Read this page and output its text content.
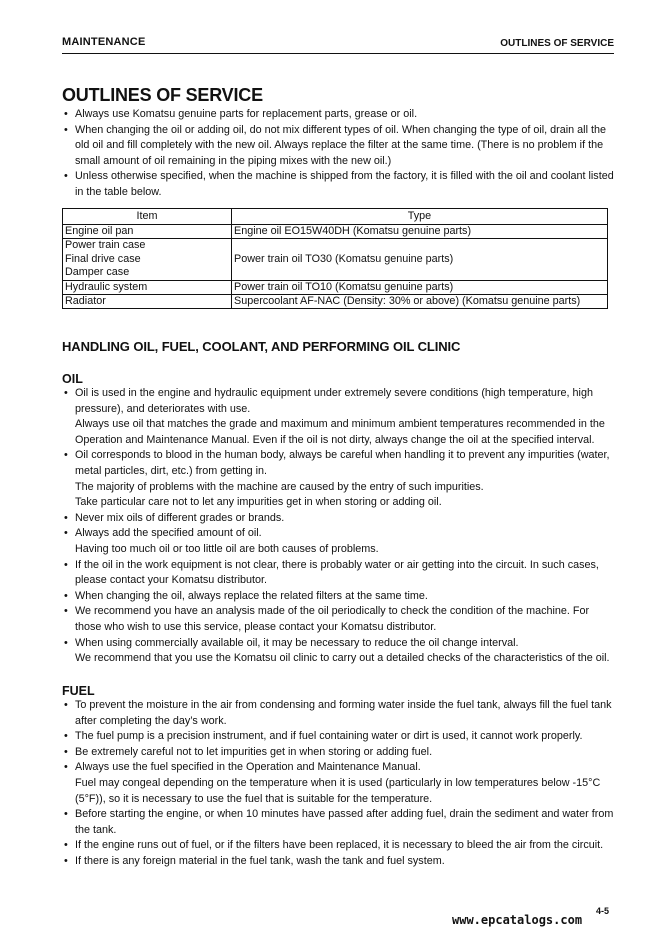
MAINTENANCE	OUTLINES OF SERVICE
OUTLINES OF SERVICE
• Always use Komatsu genuine parts for replacement parts, grease or oil.
• When changing the oil or adding oil, do not mix different types of oil. When changing the type of oil, drain all the old oil and fill completely with the new oil. Always replace the filter at the same time. (There is no problem if the small amount of oil remaining in the piping mixes with the new oil.)
• Unless otherwise specified, when the machine is shipped from the factory, it is filled with the oil and coolant listed in the table below.
Item	Type

Engine oil pan	Engine oil EO15W40DH (Komatsu genuine parts)

Power train case
Final drive case
Damper case	Power train oil TO30 (Komatsu genuine parts)

Hydraulic system	Power train oil TO10 (Komatsu genuine parts)

Radiator	Supercoolant AF-NAC (Density: 30% or above) (Komatsu genuine parts)
HANDLING OIL, FUEL, COOLANT, AND PERFORMING OIL CLINIC
OIL
• Oil is used in the engine and hydraulic equipment under extremely severe conditions (high temperature, high pressure), and deteriorates with use.
Always use oil that matches the grade and maximum and minimum ambient temperatures recommended in the Operation and Maintenance Manual. Even if the oil is not dirty, always change the oil at the specified interval.
• Oil corresponds to blood in the human body, always be careful when handling it to prevent any impurities (water, metal particles, dirt, etc.) from getting in.
The majority of problems with the machine are caused by the entry of such impurities.
Take particular care not to let any impurities get in when storing or adding oil.
• Never mix oils of different grades or brands.
• Always add the specified amount of oil.
Having too much oil or too little oil are both causes of problems.
• If the oil in the work equipment is not clear, there is probably water or air getting into the circuit. In such cases, please contact your Komatsu distributor.
• When changing the oil, always replace the related filters at the same time.
• We recommend you have an analysis made of the oil periodically to check the condition of the machine. For those who wish to use this service, please contact your Komatsu distributor.
• When using commercially available oil, it may be necessary to reduce the oil change interval.
We recommend that you use the Komatsu oil clinic to carry out a detailed checks of the characteristics of the oil.
FUEL
• To prevent the moisture in the air from condensing and forming water inside the fuel tank, always fill the fuel tank after completing the day’s work.
• The fuel pump is a precision instrument, and if fuel containing water or dirt is used, it cannot work properly.
• Be extremely careful not to let impurities get in when storing or adding fuel.
• Always use the fuel specified in the Operation and Maintenance Manual.
Fuel may congeal depending on the temperature when it is used (particularly in low temperatures below -15°C (5°F)), so it is necessary to use the fuel that is suitable for the temperature.
• Before starting the engine, or when 10 minutes have passed after adding fuel, drain the sediment and water from the tank.
• If the engine runs out of fuel, or if the filters have been replaced, it is necessary to bleed the air from the circuit.
• If there is any foreign material in the fuel tank, wash the tank and fuel system.
4-5
www.epcatalogs.com
